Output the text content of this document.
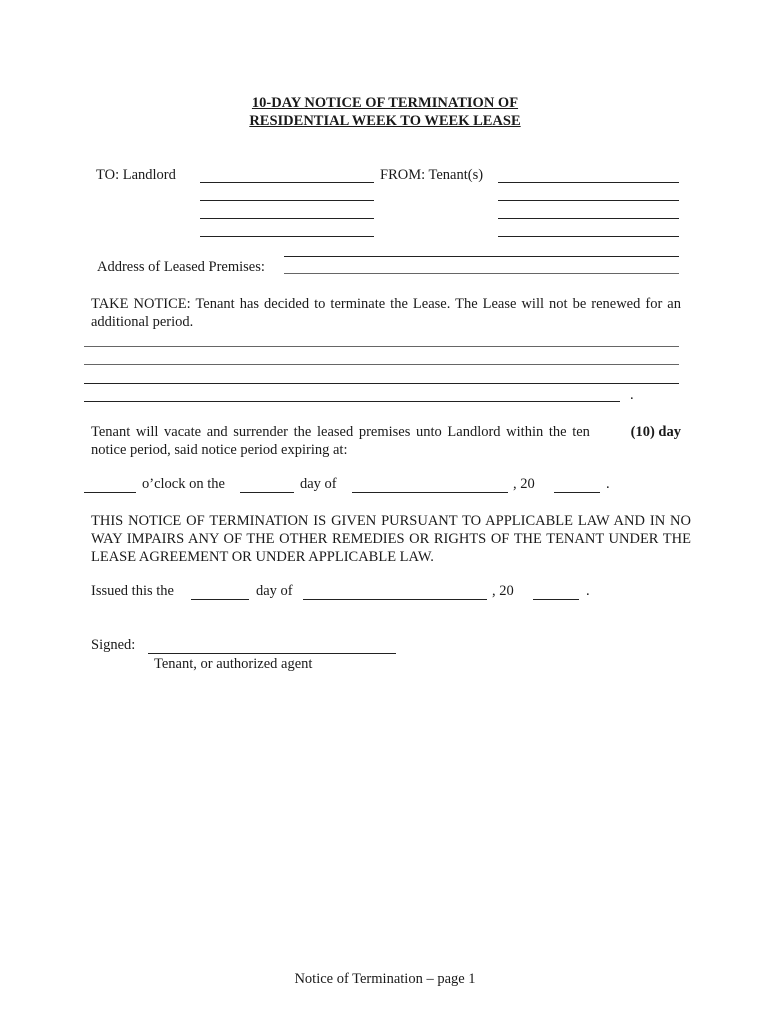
10-DAY NOTICE OF TERMINATION OF
RESIDENTIAL WEEK TO WEEK LEASE
TO: Landlord	FROM: Tenant(s)
Address of Leased Premises:
TAKE NOTICE: Tenant has decided to terminate the Lease. The Lease will not be renewed for an additional period.
.
Tenant will vacate and surrender the leased premises unto Landlord within the ten	(10) day
notice period, said notice period expiring at:
o’clock on the	day of	, 20	.
THIS NOTICE OF TERMINATION IS GIVEN PURSUANT TO APPLICABLE LAW AND IN NO WAY IMPAIRS ANY OF THE OTHER REMEDIES OR RIGHTS OF THE TENANT UNDER THE LEASE AGREEMENT OR UNDER APPLICABLE LAW.
Issued this the	day of	, 20	.
Signed:
Tenant, or authorized agent
Notice of Termination – page 1
